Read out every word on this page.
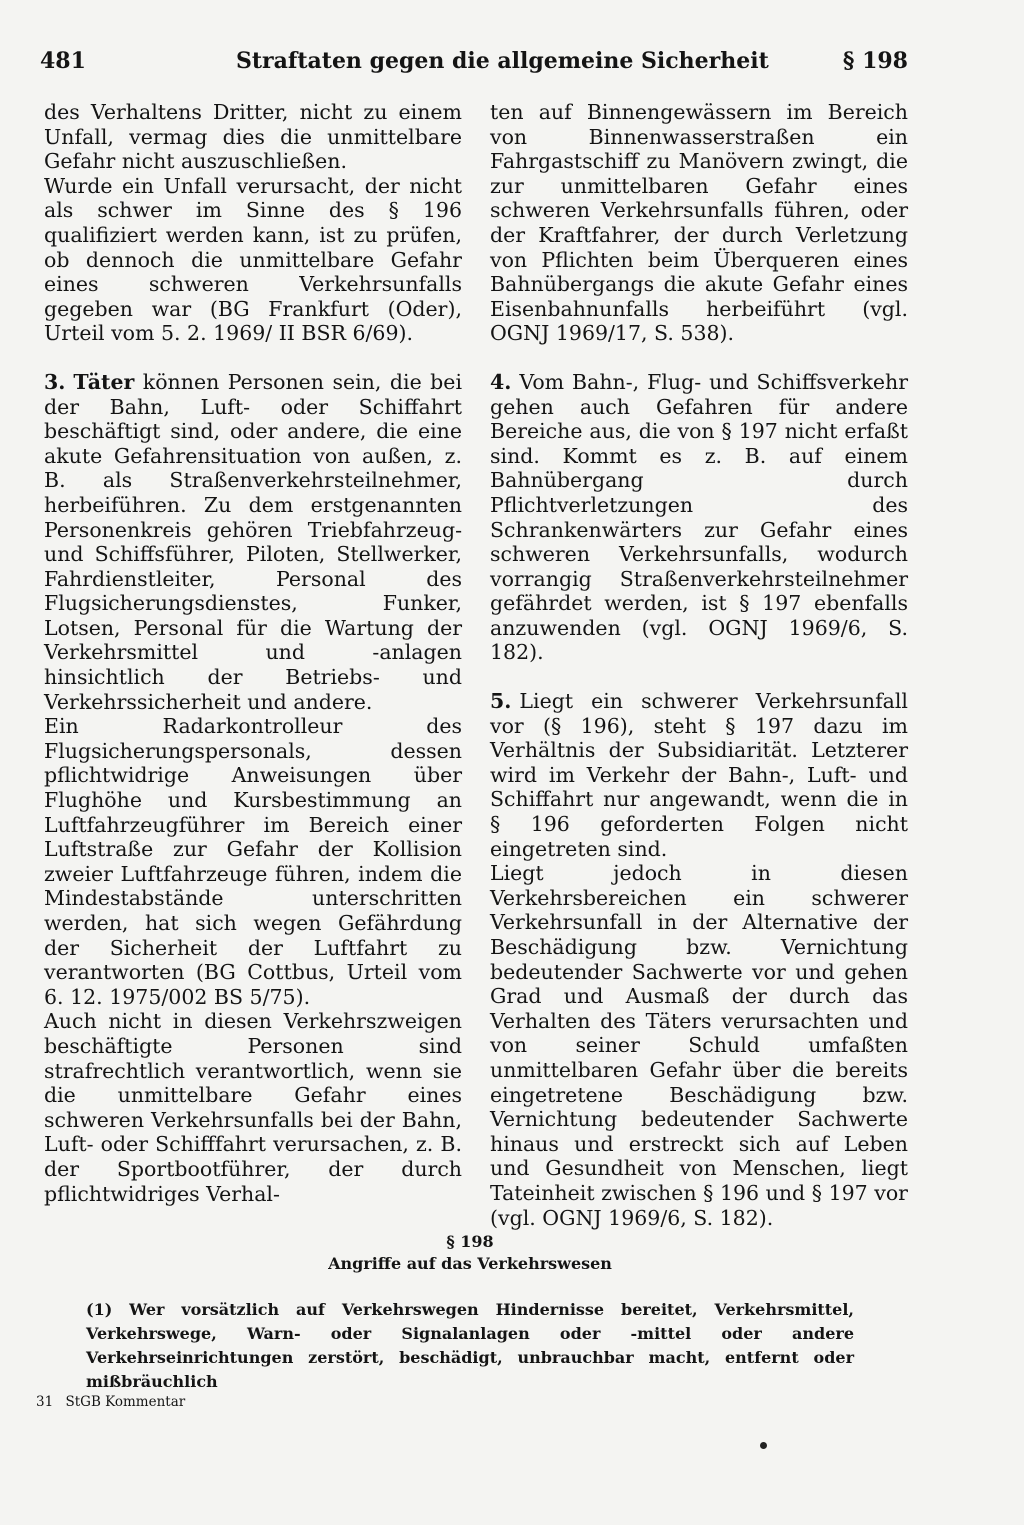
481	Straftaten gegen die allgemeine Sicherheit	§ 198

des Verhaltens Dritter, nicht zu einem Unfall, vermag dies die unmittelbare Gefahr nicht auszuschließen.

Wurde ein Unfall verursacht, der nicht als schwer im Sinne des § 196 qualifiziert werden kann, ist zu prüfen, ob dennoch die unmittelbare Gefahr eines schweren Verkehrsunfalls gegeben war (BG Frankfurt (Oder), Urteil vom 5. 2. 1969/ II BSR 6/69).

3. Täter können Personen sein, die bei der Bahn, Luft- oder Schiffahrt beschäftigt sind, oder andere, die eine akute Gefahrensituation von außen, z. B. als Straßenverkehrsteilnehmer, herbeiführen. Zu dem erstgenannten Personenkreis gehören Triebfahrzeug- und Schiffsführer, Piloten, Stellwerker, Fahrdienstleiter, Personal des Flugsicherungsdienstes, Funker, Lotsen, Personal für die Wartung der Verkehrsmittel und -anlagen hinsichtlich der Betriebs- und Verkehrssicherheit und andere.

Ein Radarkontrolleur des Flugsicherungspersonals, dessen pflichtwidrige Anweisungen über Flughöhe und Kursbestimmung an Luftfahrzeugführer im Bereich einer Luftstraße zur Gefahr der Kollision zweier Luftfahrzeuge führen, indem die Mindestabstände unterschritten werden, hat sich wegen Gefährdung der Sicherheit der Luftfahrt zu verantworten (BG Cottbus, Urteil vom 6. 12. 1975/002 BS 5/75).

Auch nicht in diesen Verkehrszweigen beschäftigte Personen sind strafrechtlich verantwortlich, wenn sie die unmittelbare Gefahr eines schweren Verkehrsunfalls bei der Bahn, Luft- oder Schifffahrt verursachen, z. B. der Sportbootführer, der durch pflichtwidriges Verhal-

ten auf Binnengewässern im Bereich von Binnenwasserstraßen ein Fahrgastschiff zu Manövern zwingt, die zur unmittelbaren Gefahr eines schweren Verkehrsunfalls führen, oder der Kraftfahrer, der durch Verletzung von Pflichten beim Überqueren eines Bahnübergangs die akute Gefahr eines Eisenbahnunfalls herbeiführt (vgl. OGNJ 1969/17, S. 538).

4. Vom Bahn-, Flug- und Schiffsverkehr gehen auch Gefahren für andere Bereiche aus, die von § 197 nicht erfaßt sind. Kommt es z. B. auf einem Bahnübergang durch Pflichtverletzungen des Schrankenwärters zur Gefahr eines schweren Verkehrsunfalls, wodurch vorrangig Straßenverkehrsteilnehmer gefährdet werden, ist § 197 ebenfalls anzuwenden (vgl. OGNJ 1969/6, S. 182).

5. Liegt ein schwerer Verkehrsunfall vor (§ 196), steht § 197 dazu im Verhältnis der Subsidiarität. Letzterer wird im Verkehr der Bahn-, Luft- und Schiffahrt nur angewandt, wenn die in § 196 geforderten Folgen nicht eingetreten sind.

Liegt jedoch in diesen Verkehrsbereichen ein schwerer Verkehrsunfall in der Alternative der Beschädigung bzw. Vernichtung bedeutender Sachwerte vor und gehen Grad und Ausmaß der durch das Verhalten des Täters verursachten und von seiner Schuld umfaßten unmittelbaren Gefahr über die bereits eingetretene Beschädigung bzw. Vernichtung bedeutender Sachwerte hinaus und erstreckt sich auf Leben und Gesundheit von Menschen, liegt Tateinheit zwischen § 196 und § 197 vor (vgl. OGNJ 1969/6, S. 182).

§ 198
Angriffe auf das Verkehrswesen

(1) Wer vorsätzlich auf Verkehrswegen Hindernisse bereitet, Verkehrsmittel, Verkehrswege, Warn- oder Signalanlagen oder -mittel oder andere Verkehrseinrichtungen zerstört, beschädigt, unbrauchbar macht, entfernt oder mißbräuchlich

31 StGB Kommentar
